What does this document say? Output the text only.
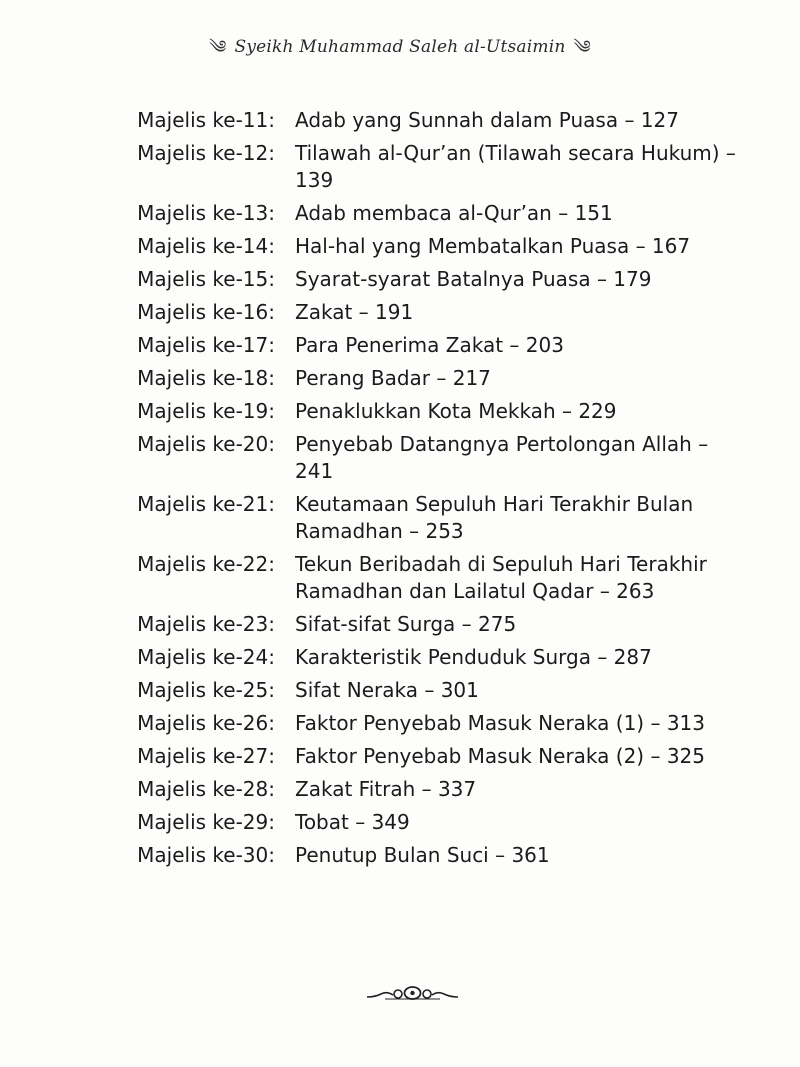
༄ Syeikh Muhammad Saleh al-Utsaimin ༄
Majelis ke-11: Adab yang Sunnah dalam Puasa – 127
Majelis ke-12: Tilawah al-Qur’an (Tilawah secara Hukum) – 139
Majelis ke-13: Adab membaca al-Qur’an – 151
Majelis ke-14: Hal-hal yang Membatalkan Puasa – 167
Majelis ke-15: Syarat-syarat Batalnya Puasa – 179
Majelis ke-16: Zakat – 191
Majelis ke-17: Para Penerima Zakat – 203
Majelis ke-18: Perang Badar – 217
Majelis ke-19: Penaklukkan Kota Mekkah – 229
Majelis ke-20: Penyebab Datangnya Pertolongan Allah – 241
Majelis ke-21: Keutamaan Sepuluh Hari Terakhir Bulan Ramadhan – 253
Majelis ke-22: Tekun Beribadah di Sepuluh Hari Terakhir Ramadhan dan Lailatul Qadar – 263
Majelis ke-23: Sifat-sifat Surga – 275
Majelis ke-24: Karakteristik Penduduk Surga – 287
Majelis ke-25: Sifat Neraka – 301
Majelis ke-26: Faktor Penyebab Masuk Neraka (1) – 313
Majelis ke-27: Faktor Penyebab Masuk Neraka (2) – 325
Majelis ke-28: Zakat Fitrah – 337
Majelis ke-29: Tobat – 349
Majelis ke-30: Penutup Bulan Suci – 361
